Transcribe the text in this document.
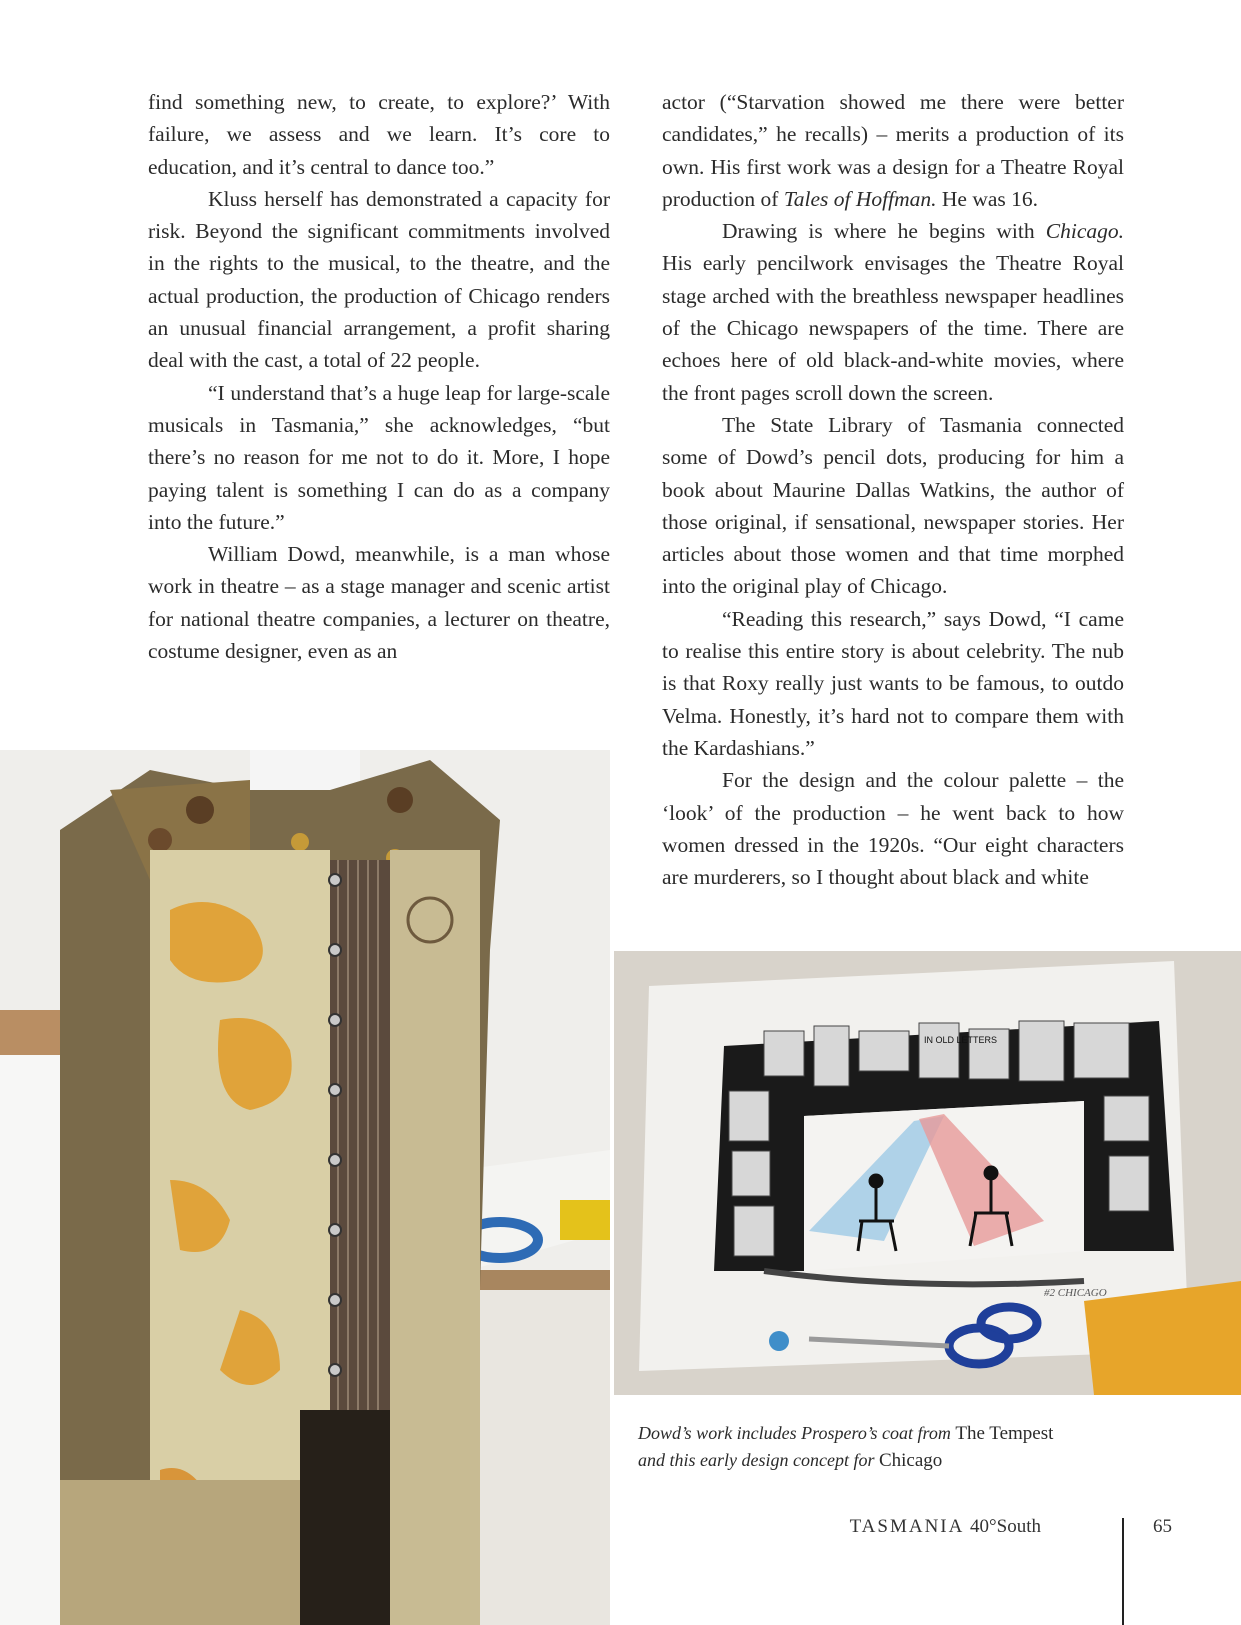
find something new, to create, to explore?’ With failure, we assess and we learn. It’s core to education, and it’s central to dance too.”

Kluss herself has demonstrated a capacity for risk. Beyond the significant commitments involved in the rights to the musical, to the theatre, and the actual production, the production of Chicago renders an unusual financial arrangement, a profit sharing deal with the cast, a total of 22 people.

“I understand that’s a huge leap for large-scale musicals in Tasmania,” she acknowledges, “but there’s no reason for me not to do it. More, I hope paying talent is something I can do as a company into the future.”

William Dowd, meanwhile, is a man whose work in theatre – as a stage manager and scenic artist for national theatre companies, a lecturer on theatre, costume designer, even as an

actor (“Starvation showed me there were better candidates,” he recalls) – merits a production of its own. His first work was a design for a Theatre Royal production of Tales of Hoffman. He was 16.

Drawing is where he begins with Chicago. His early pencilwork envisages the Theatre Royal stage arched with the breathless newspaper headlines of the Chicago newspapers of the time. There are echoes here of old black-and-white movies, where the front pages scroll down the screen.

The State Library of Tasmania connected some of Dowd’s pencil dots, producing for him a book about Maurine Dallas Watkins, the author of those original, if sensational, newspaper stories. Her articles about those women and that time morphed into the original play of Chicago.

“Reading this research,” says Dowd, “I came to realise this entire story is about celebrity. The nub is that Roxy really just wants to be famous, to outdo Velma. Honestly, it’s hard not to compare them with the Kardashians.”

For the design and the colour palette – the ‘look’ of the production – he went back to how women dressed in the 1920s. “Our eight characters are murderers, so I thought about black and white

IN OLD LETTERS
#2 CHICAGO
Dowd’s work includes Prospero’s coat from The Tempest
and this early design concept for Chicago
TASMANIA 40°South	65
